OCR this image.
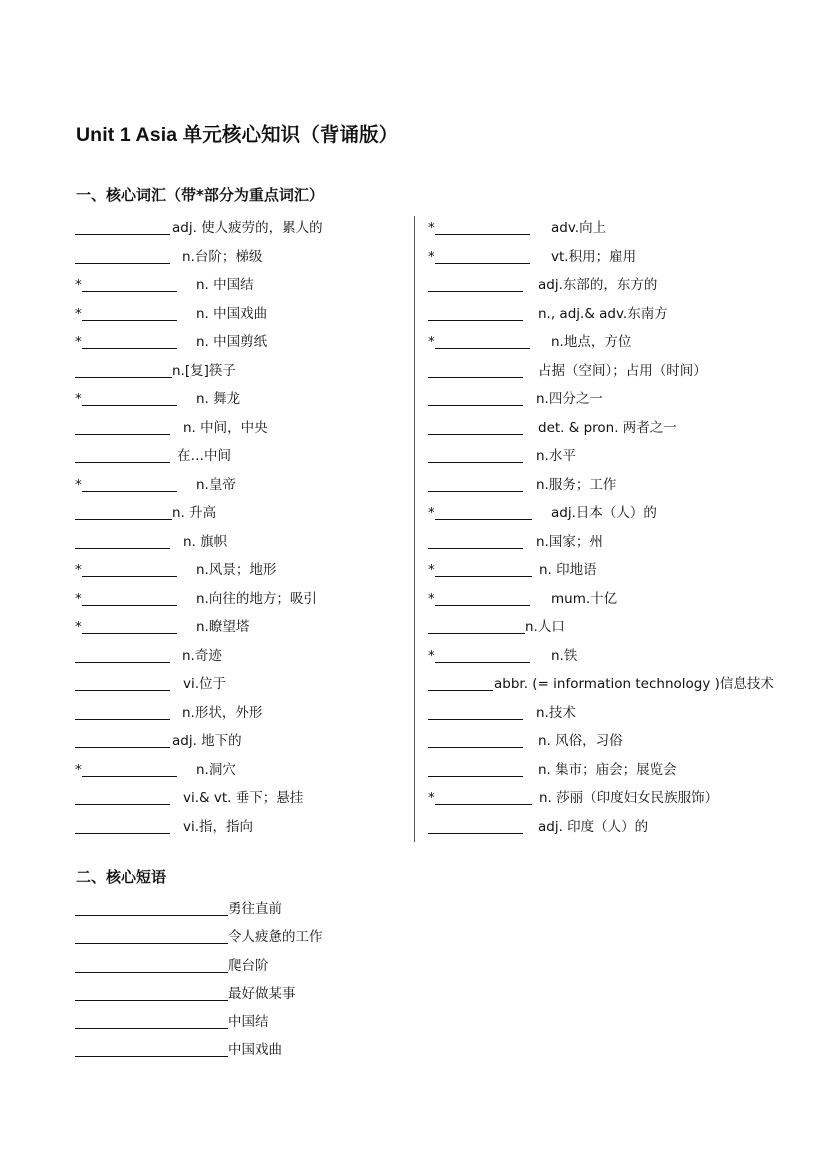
Unit 1 Asia 单元核心知识（背诵版）
一、核心词汇（带*部分为重点词汇）
adj. 使人疲劳的，累人的
n.台阶；梯级
*	n. 中国结
*	n. 中国戏曲
*	n. 中国剪纸
n.[复]筷子
*	n. 舞龙
n. 中间，中央
在…中间
*	n.皇帝
n. 升高
n. 旗帜
*	n.风景；地形
*	n.向往的地方；吸引
*	n.瞭望塔
n.奇迹
vi.位于
n.形状，外形
adj. 地下的
*	n.洞穴
vi.& vt. 垂下；悬挂
vi.指，指向
*	adv.向上
*	vt.积用；雇用
adj.东部的，东方的
n., adj.& adv.东南方
*	n.地点，方位
占据（空间）；占用（时间）
n.四分之一
det. & pron. 两者之一
n.水平
n.服务；工作
*	adj.日本（人）的
n.国家；州
*	n. 印地语
*	mum.十亿
n.人口
*	n.铁
abbr. (= information technology )信息技术
n.技术
n. 风俗，习俗
n. 集市；庙会；展览会
*	n. 莎丽（印度妇女民族服饰）
adj. 印度（人）的
二、核心短语
勇往直前
令人疲惫的工作
爬台阶
最好做某事
中国结
中国戏曲
